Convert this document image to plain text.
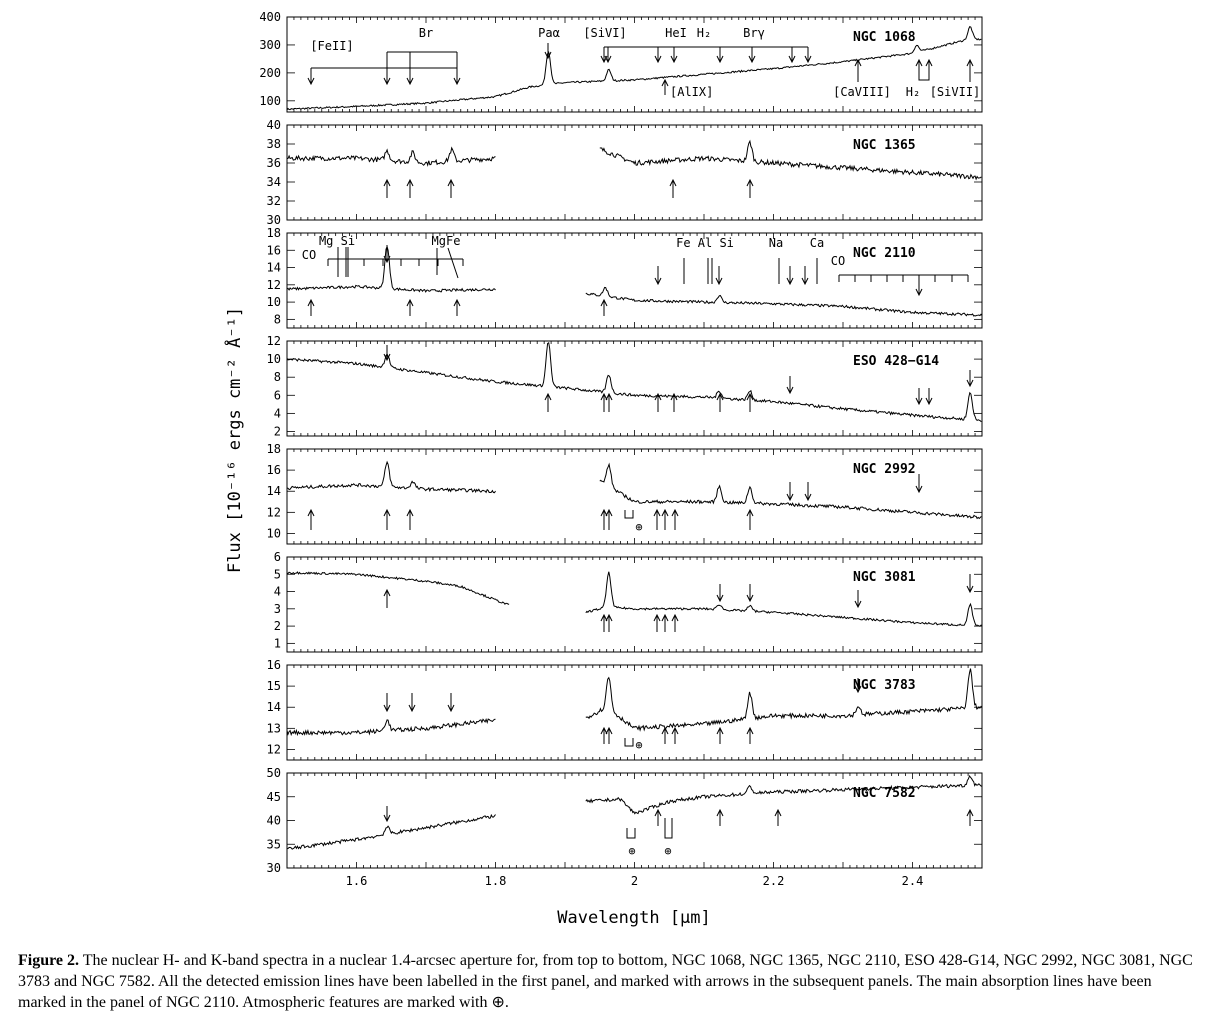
100
200
300
400
NGC 1068
30
32
34
36
38
40
NGC 1365
8
10
12
14
16
18
NGC 2110
2
4
6
8
10
12
ESO 428−G14
10
12
14
16
18
NGC 2992
1
2
3
4
5
6
NGC 3081
12
13
14
15
16
NGC 3783
30
35
40
45
50
NGC 7582
[FeII]
Br	Paα [SiVI]	HeI H₂	Brγ
[AlIX]	[CaVIII] H₂ [SiVII]
CO
Mg Si	MgFe	Fe Al Si	Na Ca
CO
⊕
⊕
⊕ ⊕
1.6	1.8	2	2.2	2.4
Wavelength [μm]
Flux [10⁻¹⁶ ergs cm⁻² Å⁻¹]
Figure 2. The nuclear H- and K-band spectra in a nuclear 1.4-arcsec aperture for, from top to bottom, NGC 1068, NGC 1365, NGC 2110, ESO 428-G14, NGC 2992, NGC 3081, NGC 3783 and NGC 7582. All the detected emission lines have been labelled in the first panel, and marked with arrows in the subsequent panels. The main absorption lines have been marked in the panel of NGC 2110. Atmospheric features are marked with ⊕.
